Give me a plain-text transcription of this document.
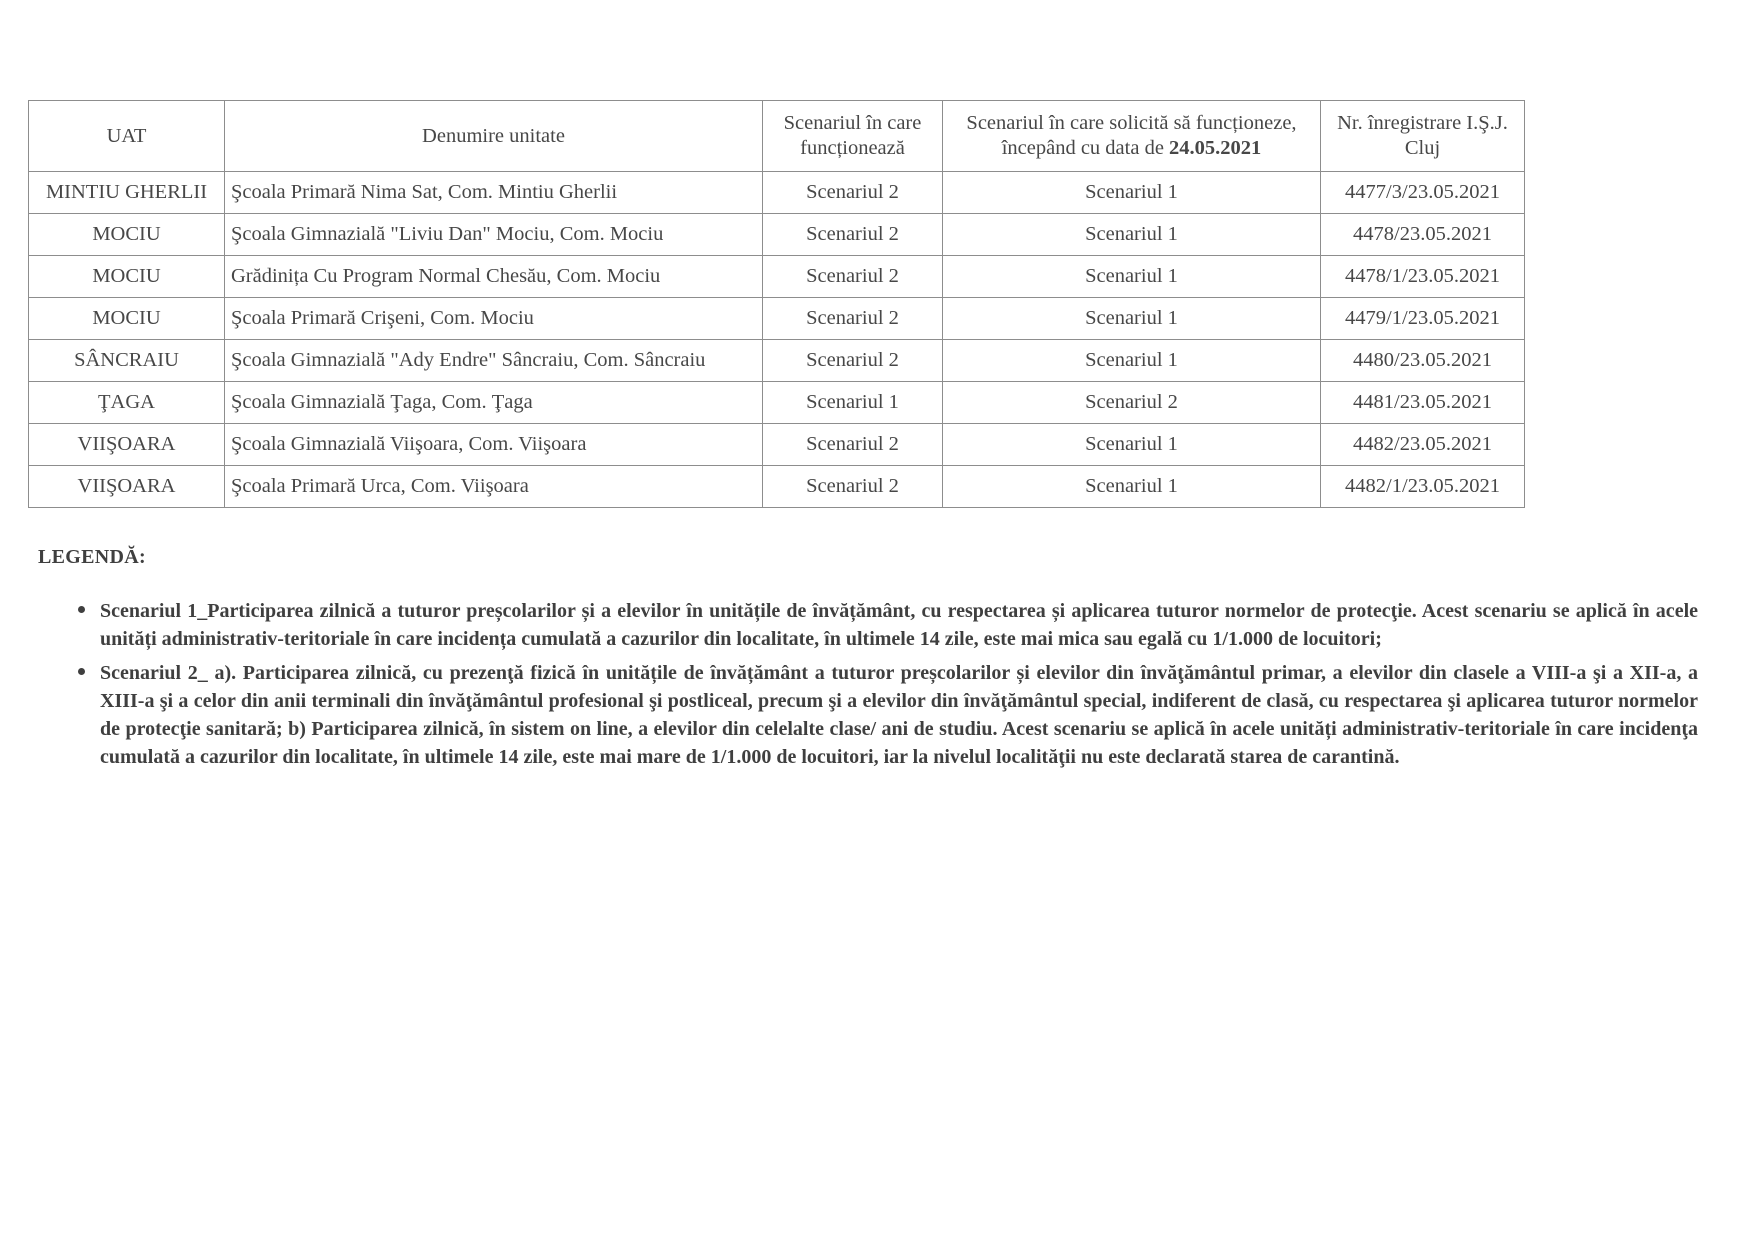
UAT	Denumire unitate	Scenariul în care funcționează	Scenariul în care solicită să funcționeze, începând cu data de 24.05.2021	Nr. înregistrare I.Ş.J. Cluj
MINTIU GHERLII	Şcoala Primară Nima Sat, Com. Mintiu Gherlii	Scenariul 2	Scenariul 1	4477/3/23.05.2021
MOCIU	Şcoala Gimnazială "Liviu Dan" Mociu, Com. Mociu	Scenariul 2	Scenariul 1	4478/23.05.2021
MOCIU	Grădinița Cu Program Normal Chesău, Com. Mociu	Scenariul 2	Scenariul 1	4478/1/23.05.2021
MOCIU	Şcoala Primară Crişeni, Com. Mociu	Scenariul 2	Scenariul 1	4479/1/23.05.2021
SÂNCRAIU	Şcoala Gimnazială "Ady Endre" Sâncraiu, Com. Sâncraiu	Scenariul 2	Scenariul 1	4480/23.05.2021
ŢAGA	Şcoala Gimnazială Ţaga, Com. Ţaga	Scenariul 1	Scenariul 2	4481/23.05.2021
VIIŞOARA	Şcoala Gimnazială Viişoara, Com. Viişoara	Scenariul 2	Scenariul 1	4482/23.05.2021
VIIŞOARA	Şcoala Primară Urca, Com. Viişoara	Scenariul 2	Scenariul 1	4482/1/23.05.2021
LEGENDĂ:
Scenariul 1_Participarea zilnică a tuturor preșcolarilor și a elevilor în unitățile de învățământ, cu respectarea și aplicarea tuturor normelor de protecţie. Acest scenariu se aplică în acele unități administrativ-teritoriale în care incidența cumulată a cazurilor din localitate, în ultimele 14 zile, este mai mica sau egală cu 1/1.000 de locuitori;
Scenariul 2_ a). Participarea zilnică, cu prezenţă fizică în unitățile de învățământ a tuturor preșcolarilor și elevilor din învăţământul primar, a elevilor din clasele a VIII-a şi a XII-a, a XIII-a şi a celor din anii terminali din învăţământul profesional şi postliceal, precum şi a elevilor din învăţământul special, indiferent de clasă, cu respectarea şi aplicarea tuturor normelor de protecţie sanitară; b) Participarea zilnică, în sistem on line, a elevilor din celelalte clase/ ani de studiu. Acest scenariu se aplică în acele unități administrativ-teritoriale în care incidenţa cumulată a cazurilor din localitate, în ultimele 14 zile, este mai mare de 1/1.000 de locuitori, iar la nivelul localităţii nu este declarată starea de carantină.
